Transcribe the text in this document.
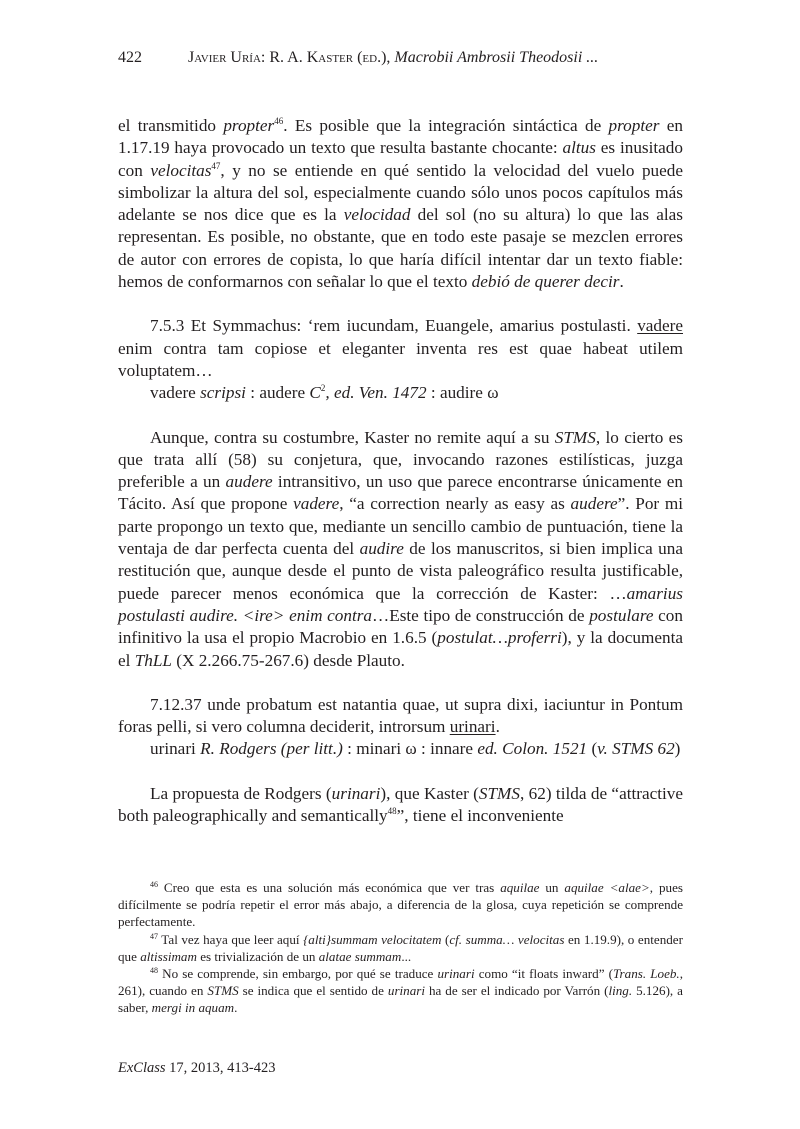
422	Javier Uría: R. A. Kaster (ed.), Macrobii Ambrosii Theodosii ...

el transmitido propter$^{46}$. Es posible que la integración sintáctica de propter en 1.17.19 haya provocado un texto que resulta bastante chocante: altus es inusitado con velocitas$^{47}$, y no se entiende en qué sentido la velocidad del vuelo puede simbolizar la altura del sol, especialmente cuando sólo unos pocos capítulos más adelante se nos dice que es la velocidad del sol (no su altura) lo que las alas representan. Es posible, no obstante, que en todo este pasaje se mezclen errores de autor con errores de copista, lo que haría difícil intentar dar un texto fiable: hemos de conformarnos con señalar lo que el texto debió de querer decir.

7.5.3 Et Symmachus: ‘rem iucundam, Euangele, amarius postulasti. vadere enim contra tam copiose et eleganter inventa res est quae habeat utilem voluptatem…

vadere scripsi : audere $C^2$, ed. Ven. 1472 : audire ω

Aunque, contra su costumbre, Kaster no remite aquí a su STMS, lo cierto es que trata allí (58) su conjetura, que, invocando razones estilísticas, juzga preferible a un audere intransitivo, un uso que parece encontrarse únicamente en Tácito. Así que propone vadere, “a correction nearly as easy as audere”. Por mi parte propongo un texto que, mediante un sencillo cambio de puntuación, tiene la ventaja de dar perfecta cuenta del audire de los manuscritos, si bien implica una restitución que, aunque desde el punto de vista paleográfico resulta justificable, puede parecer menos económica que la corrección de Kaster: …amarius postulasti audire. <ire> enim contra…Este tipo de construcción de postulare con infinitivo la usa el propio Macrobio en 1.6.5 (postulat…proferri), y la documenta el ThLL (X 2.266.75-267.6) desde Plauto.

7.12.37 unde probatum est natantia quae, ut supra dixi, iaciuntur in Pontum foras pelli, si vero columna deciderit, introrsum urinari.

urinari R. Rodgers (per litt.) : minari ω : innare ed. Colon. 1521 (v. STMS 62)

La propuesta de Rodgers (urinari), que Kaster (STMS, 62) tilda de “attractive both paleographically and semantically$^{48}$”, tiene el inconveniente

$^{46}$ Creo que esta es una solución más económica que ver tras aquilae un aquilae <alae>, pues difícilmente se podría repetir el error más abajo, a diferencia de la glosa, cuya repetición se comprende perfectamente.

$^{47}$ Tal vez haya que leer aquí {alti}summam velocitatem (cf. summa… velocitas en 1.19.9), o entender que altissimam es trivialización de un alatae summam...

$^{48}$ No se comprende, sin embargo, por qué se traduce urinari como “it floats inward” (Trans. Loeb., 261), cuando en STMS se indica que el sentido de urinari ha de ser el indicado por Varrón (ling. 5.126), a saber, mergi in aquam.

ExClass 17, 2013, 413-423
